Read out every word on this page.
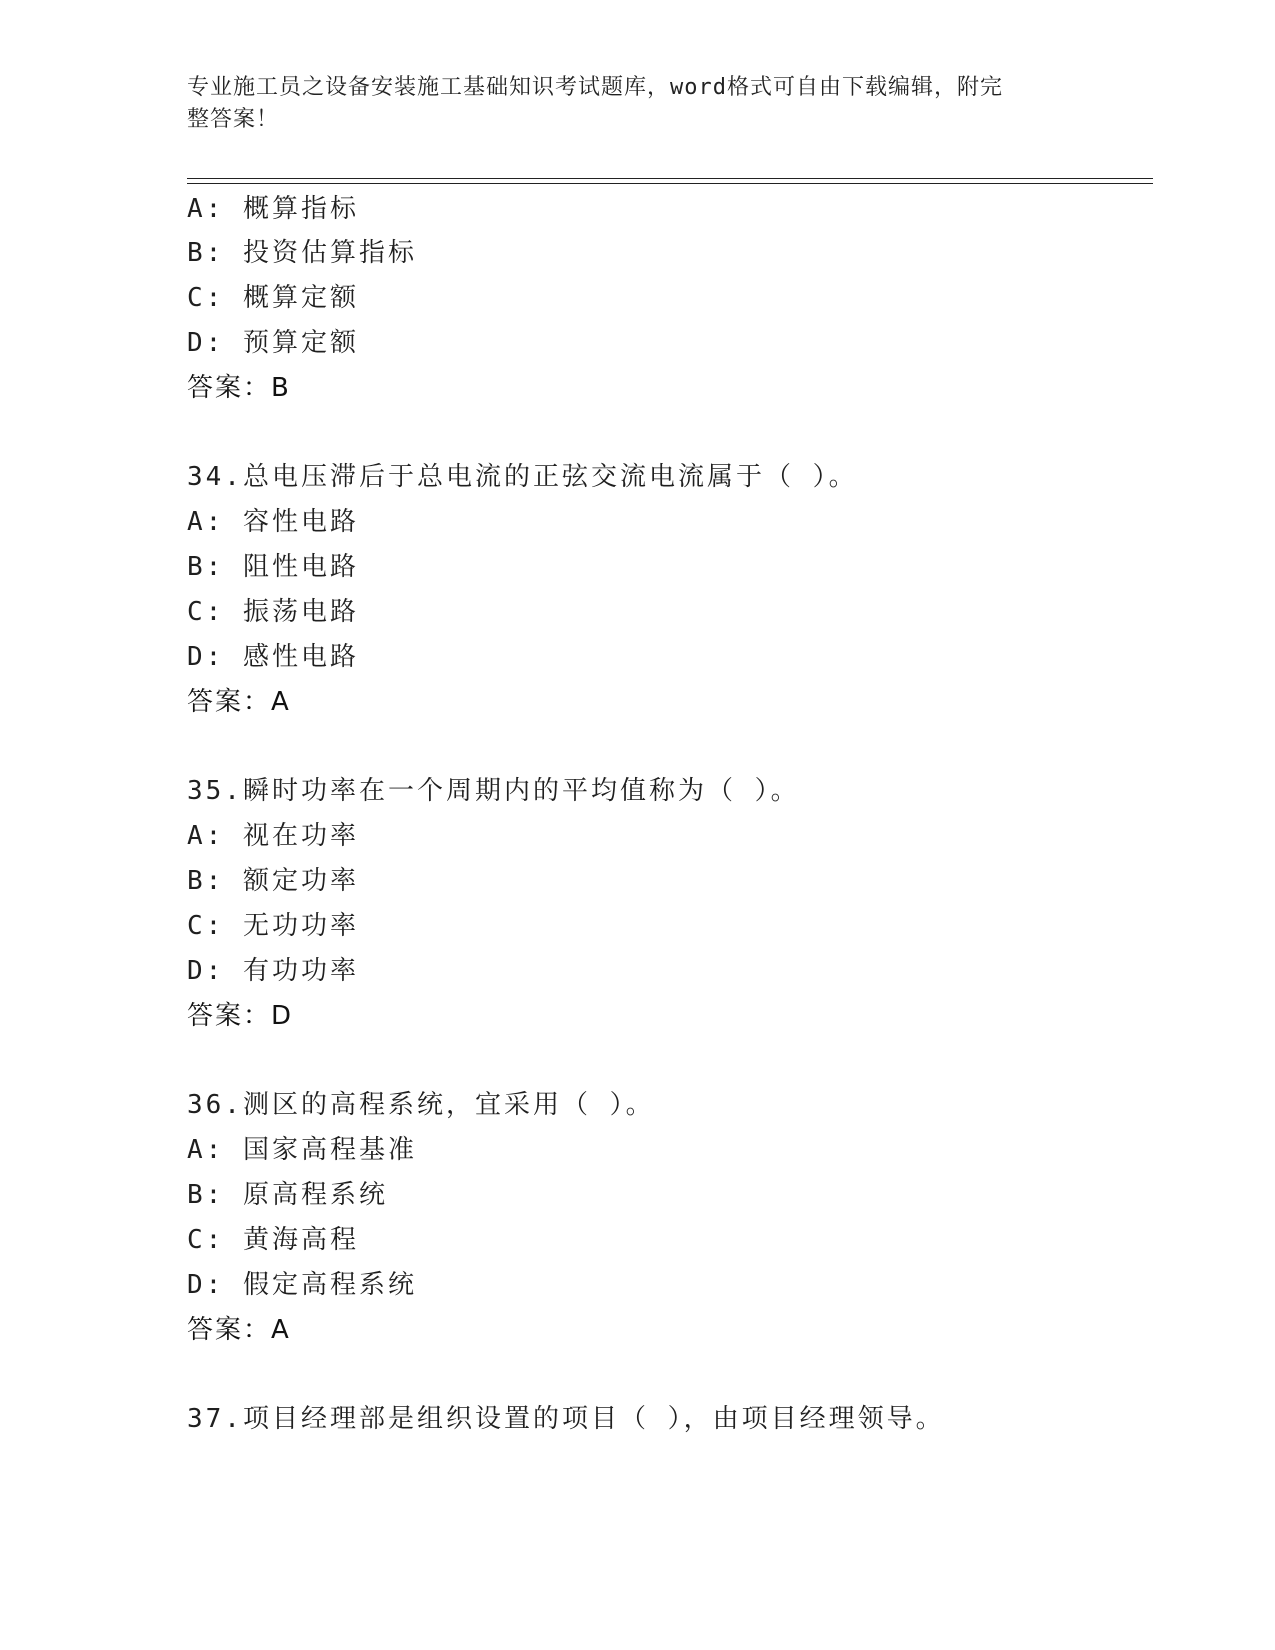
专业施工员之设备安装施工基础知识考试题库，word格式可自由下载编辑，附完
整答案！
A: 概算指标
B: 投资估算指标
C: 概算定额
D: 预算定额
答案：B
34.总电压滞后于总电流的正弦交流电流属于（ ）。
A: 容性电路
B: 阻性电路
C: 振荡电路
D: 感性电路
答案：A
35.瞬时功率在一个周期内的平均值称为（ ）。
A: 视在功率
B: 额定功率
C: 无功功率
D: 有功功率
答案：D
36.测区的高程系统，宜采用（ ）。
A: 国家高程基准
B: 原高程系统
C: 黄海高程
D: 假定高程系统
答案：A
37.项目经理部是组织设置的项目（ ），由项目经理领导。
